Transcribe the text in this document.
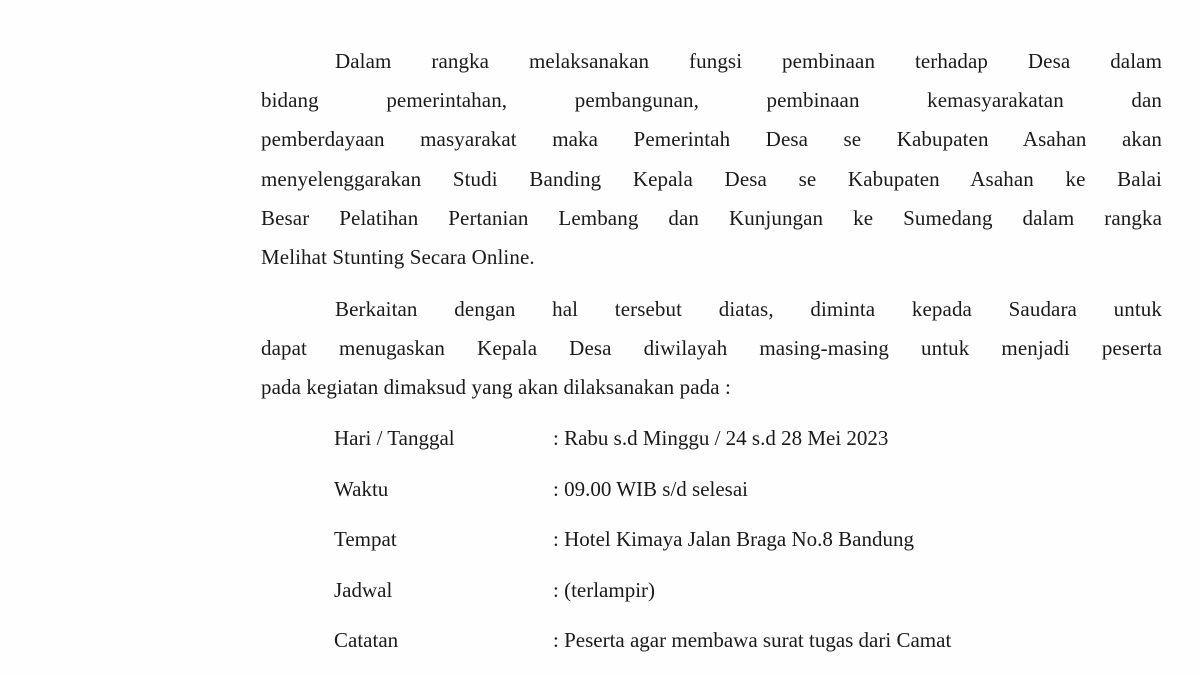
Dalam rangka melaksanakan fungsi pembinaan terhadap Desa dalam
bidang pemerintahan, pembangunan, pembinaan kemasyarakatan dan
pemberdayaan masyarakat maka Pemerintah Desa se Kabupaten Asahan akan
menyelenggarakan Studi Banding Kepala Desa se Kabupaten Asahan ke Balai
Besar Pelatihan Pertanian Lembang dan Kunjungan ke Sumedang dalam rangka
Melihat Stunting Secara Online.
Berkaitan dengan hal tersebut diatas, diminta kepada Saudara untuk
dapat menugaskan Kepala Desa diwilayah masing-masing untuk menjadi peserta
pada kegiatan dimaksud yang akan dilaksanakan pada :
Hari / Tanggal	: Rabu s.d Minggu / 24 s.d 28 Mei 2023
Waktu	: 09.00 WIB s/d selesai
Tempat	: Hotel Kimaya Jalan Braga No.8 Bandung
Jadwal	: (terlampir)
Catatan	: Peserta agar membawa surat tugas dari Camat
